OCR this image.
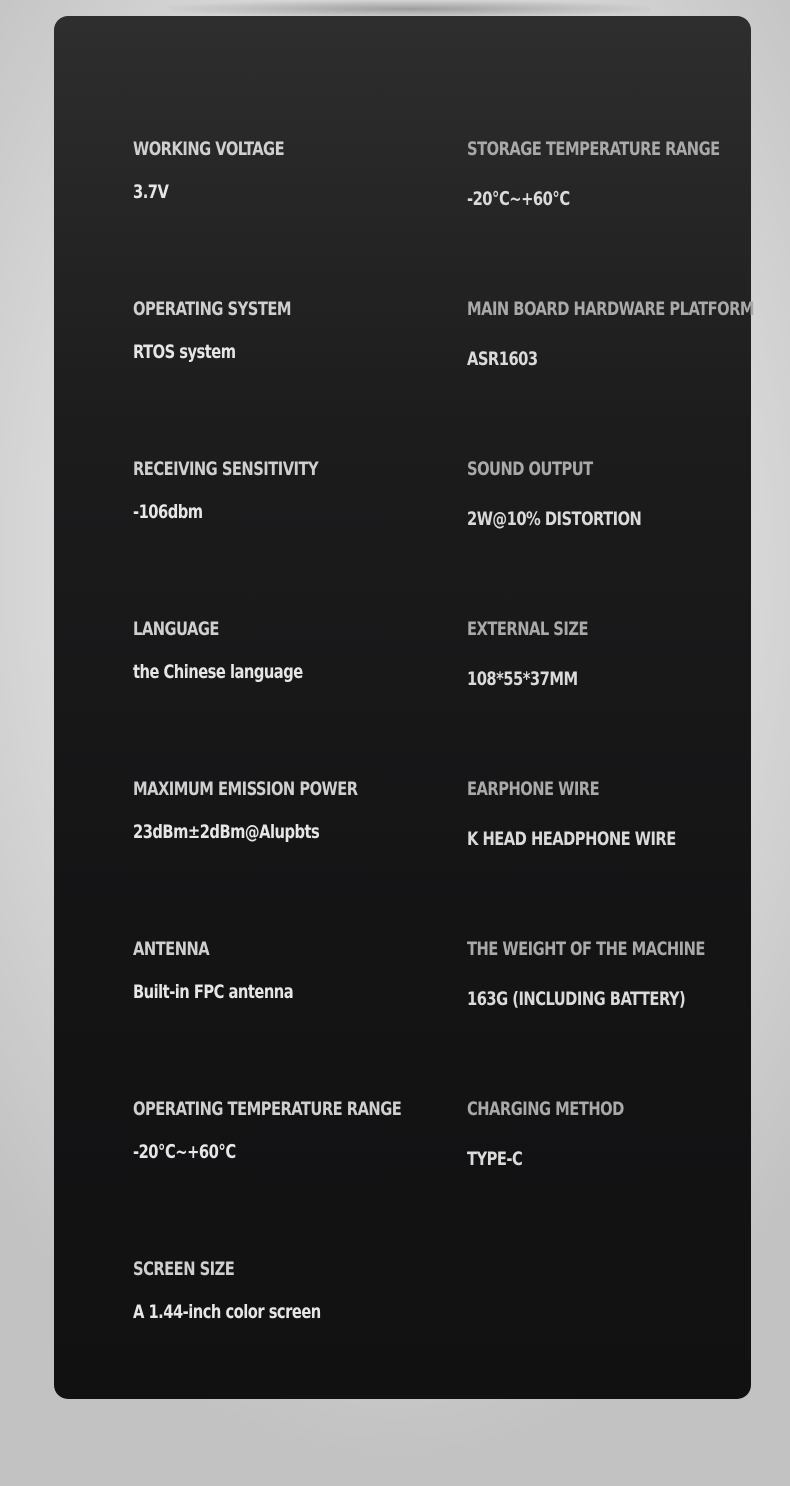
WORKING VOLTAGE
3.7V
OPERATING SYSTEM
RTOS system
RECEIVING SENSITIVITY
-106dbm
LANGUAGE
the Chinese language
MAXIMUM EMISSION POWER
23dBm±2dBm@Alupbts
ANTENNA
Built-in FPC antenna
OPERATING TEMPERATURE RANGE
-20℃~+60℃
SCREEN SIZE
A 1.44-inch color screen
STORAGE TEMPERATURE RANGE
-20℃~+60℃
MAIN BOARD HARDWARE PLATFORM
ASR1603
SOUND OUTPUT
2W@10% DISTORTION
EXTERNAL SIZE
108*55*37MM
EARPHONE WIRE
K HEAD HEADPHONE WIRE
THE WEIGHT OF THE MACHINE
163G (INCLUDING BATTERY)
CHARGING METHOD
TYPE-C
